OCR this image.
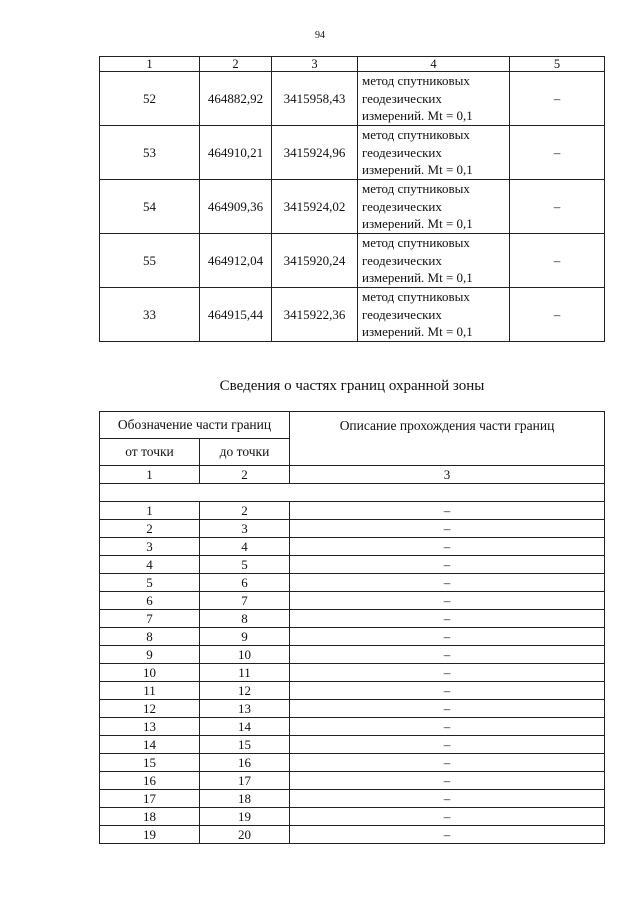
94
1	2	3	4	5
52	464882,92	3415958,43	метод спутниковых
геодезических
измерений. Mt = 0,1	–
53	464910,21	3415924,96	метод спутниковых
геодезических
измерений. Mt = 0,1	–
54	464909,36	3415924,02	метод спутниковых
геодезических
измерений. Mt = 0,1	–
55	464912,04	3415920,24	метод спутниковых
геодезических
измерений. Mt = 0,1	–
33	464915,44	3415922,36	метод спутниковых
геодезических
измерений. Mt = 0,1	–
Сведения о частях границ охранной зоны
Обозначение части границ		Описание прохождения части границ
от точки	до точки	
1	2	3

1	2	–
2	3	–
3	4	–
4	5	–
5	6	–
6	7	–
7	8	–
8	9	–
9	10	–
10	11	–
11	12	–
12	13	–
13	14	–
14	15	–
15	16	–
16	17	–
17	18	–
18	19	–
19	20	–
